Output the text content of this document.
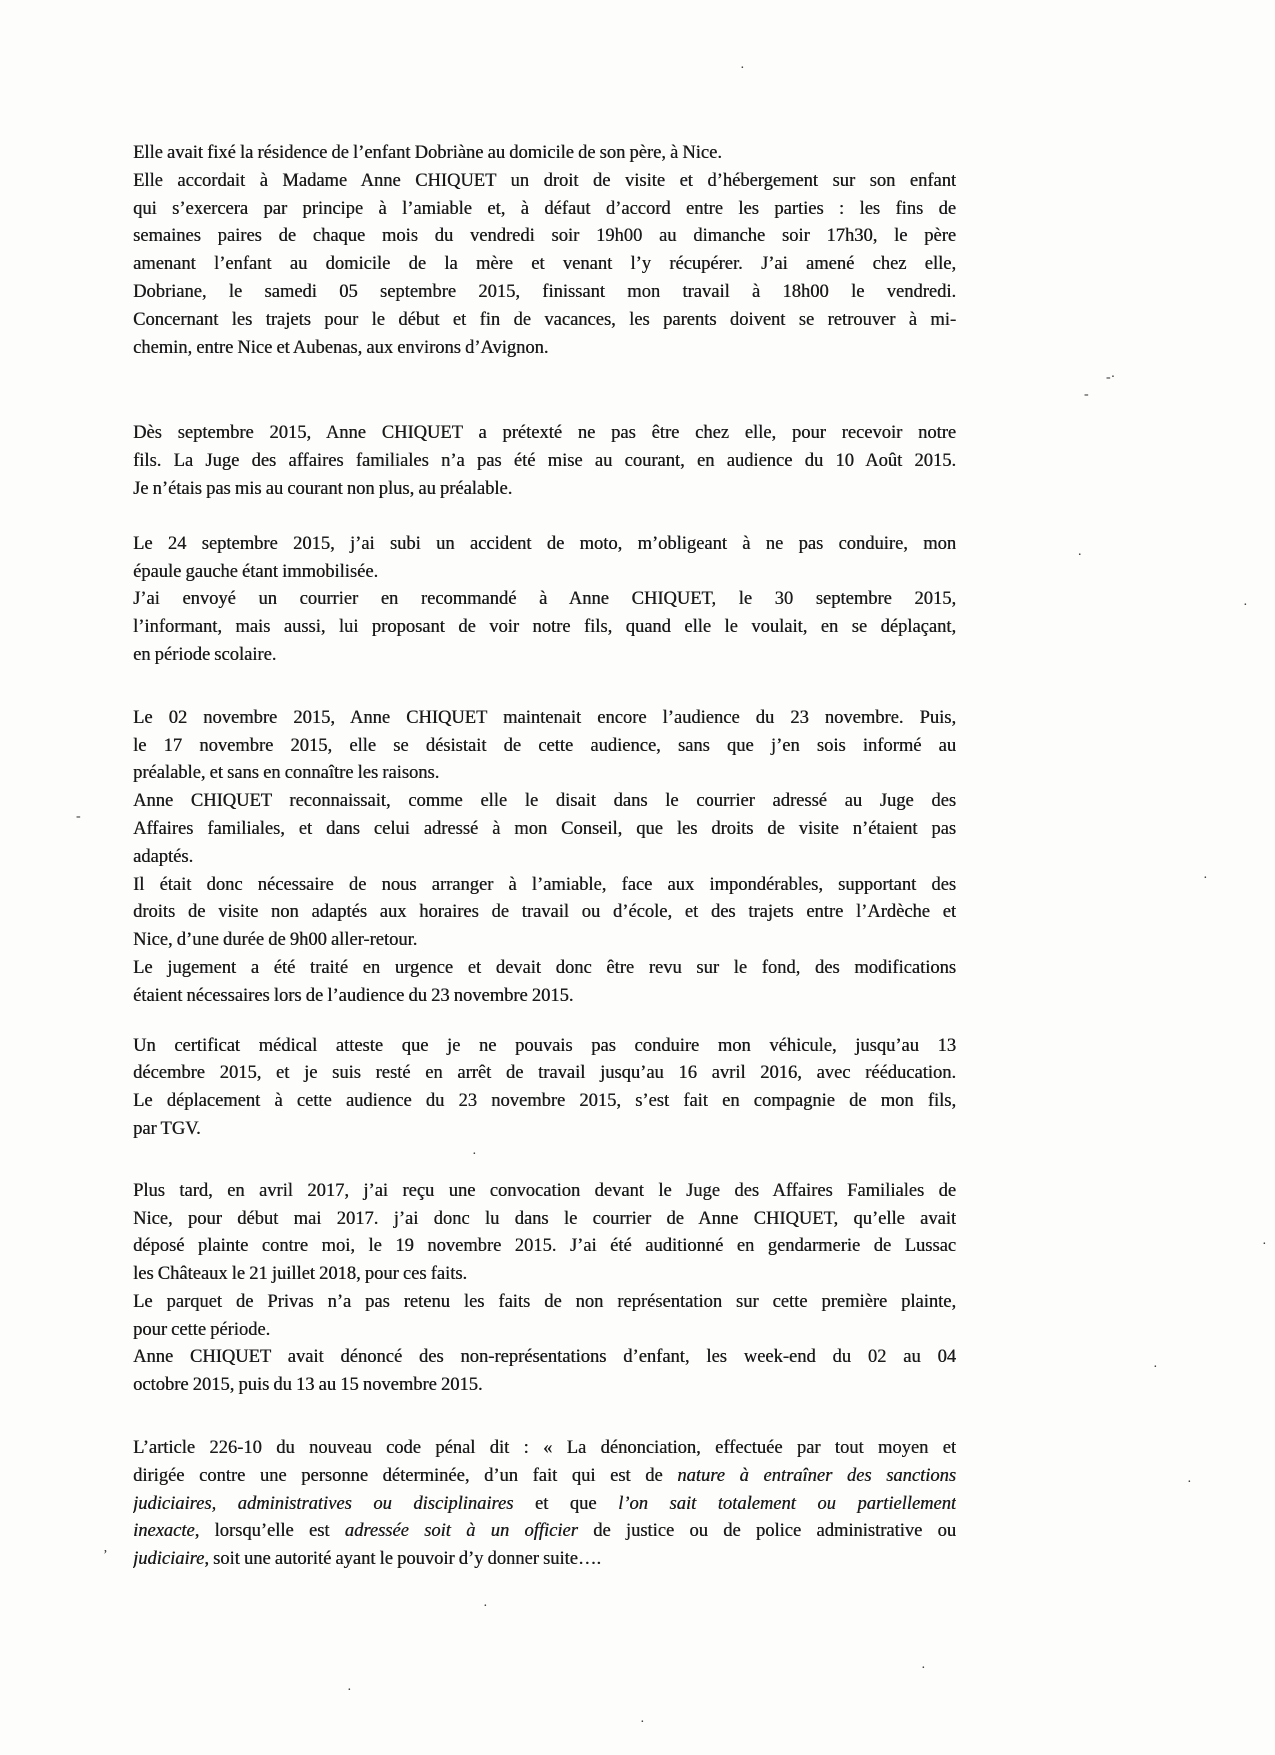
Elle avait fixé la résidence de l’enfant Dobriàne au domicile de son père, à Nice.
Elle accordait à Madame Anne CHIQUET un droit de visite et d’hébergement sur son enfant
qui s’exercera par principe à l’amiable et, à défaut d’accord entre les parties : les fins de
semaines paires de chaque mois du vendredi soir 19h00 au dimanche soir 17h30, le père
amenant l’enfant au domicile de la mère et venant l’y récupérer. J’ai amené chez elle,
Dobriane, le samedi 05 septembre 2015, finissant mon travail à 18h00 le vendredi.
Concernant les trajets pour le début et fin de vacances, les parents doivent se retrouver à mi-
chemin, entre Nice et Aubenas, aux environs d’Avignon.
Dès septembre 2015, Anne CHIQUET a prétexté ne pas être chez elle, pour recevoir notre
fils. La Juge des affaires familiales n’a pas été mise au courant, en audience du 10 Août 2015.
Je n’étais pas mis au courant non plus, au préalable.
Le 24 septembre 2015, j’ai subi un accident de moto, m’obligeant à ne pas conduire, mon
épaule gauche étant immobilisée.
J’ai envoyé un courrier en recommandé à Anne CHIQUET, le 30 septembre 2015,
l’informant, mais aussi, lui proposant de voir notre fils, quand elle le voulait, en se déplaçant,
en période scolaire.
Le 02 novembre 2015, Anne CHIQUET maintenait encore l’audience du 23 novembre. Puis,
le 17 novembre 2015, elle se désistait de cette audience, sans que j’en sois informé au
préalable, et sans en connaître les raisons.
Anne CHIQUET reconnaissait, comme elle le disait dans le courrier adressé au Juge des
Affaires familiales, et dans celui adressé à mon Conseil, que les droits de visite n’étaient pas
adaptés.
Il était donc nécessaire de nous arranger à l’amiable, face aux impondérables, supportant des
droits de visite non adaptés aux horaires de travail ou d’école, et des trajets entre l’Ardèche et
Nice, d’une durée de 9h00 aller-retour.
Le jugement a été traité en urgence et devait donc être revu sur le fond, des modifications
étaient nécessaires lors de l’audience du 23 novembre 2015.
Un certificat médical atteste que je ne pouvais pas conduire mon véhicule, jusqu’au 13
décembre 2015, et je suis resté en arrêt de travail jusqu’au 16 avril 2016, avec rééducation.
Le déplacement à cette audience du 23 novembre 2015, s’est fait en compagnie de mon fils,
par TGV.
Plus tard, en avril 2017, j’ai reçu une convocation devant le Juge des Affaires Familiales de
Nice, pour début mai 2017. j’ai donc lu dans le courrier de Anne CHIQUET, qu’elle avait
déposé plainte contre moi, le 19 novembre 2015. J’ai été auditionné en gendarmerie de Lussac
les Châteaux le 21 juillet 2018, pour ces faits.
Le parquet de Privas n’a pas retenu les faits de non représentation sur cette première plainte,
pour cette période.
Anne CHIQUET avait dénoncé des non-représentations d’enfant, les week-end du 02 au 04
octobre 2015, puis du 13 au 15 novembre 2015.
L’article 226-10 du nouveau code pénal dit : « La dénonciation, effectuée par tout moyen et
dirigée contre une personne déterminée, d’un fait qui est de nature à entraîner des sanctions
judiciaires, administratives ou disciplinaires et que l’on sait totalement ou partiellement
inexacte, lorsqu’elle est adressée soit à un officier de justice ou de police administrative ou
judiciaire, soit une autorité ayant le pouvoir d’y donner suite….
·
-·
-
.
·
-
·
·
·
·
·
’
·
·
·
·
